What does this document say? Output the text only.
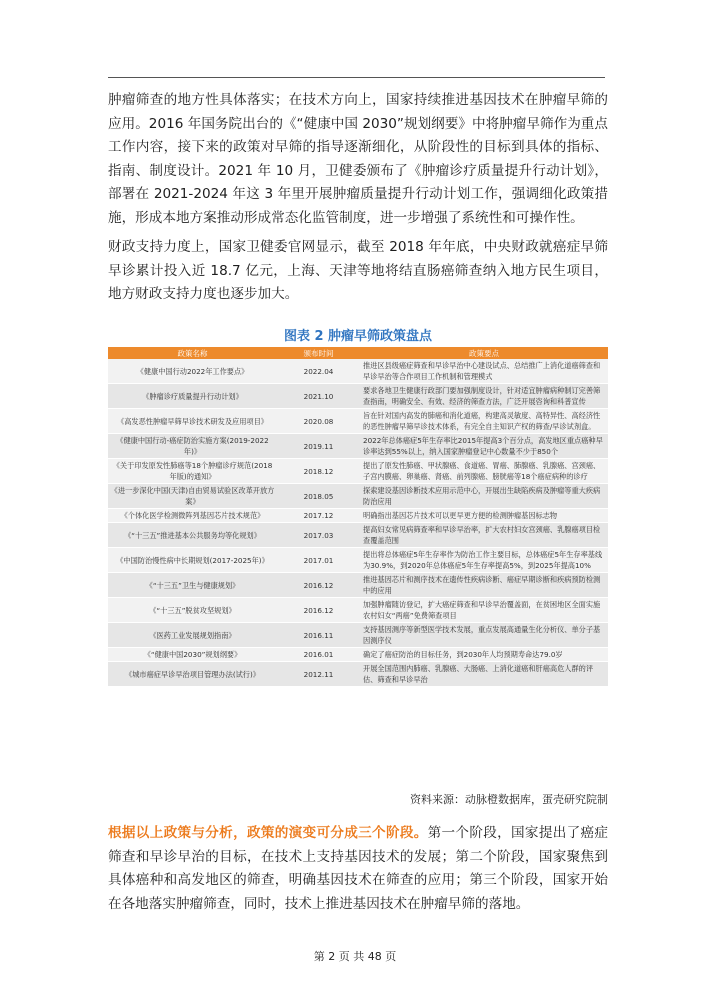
肿瘤筛查的地方性具体落实；在技术方向上，国家持续推进基因技术在肿瘤早筛的应用。2016 年国务院出台的《“健康中国 2030”规划纲要》中将肿瘤早筛作为重点工作内容，接下来的政策对早筛的指导逐渐细化，从阶段性的目标到具体的指标、指南、制度设计。2021 年 10 月，卫健委颁布了《肿瘤诊疗质量提升行动计划》，部署在 2021-2024 年这 3 年里开展肿瘤质量提升行动计划工作，强调细化政策措施，形成本地方案推动形成常态化监管制度，进一步增强了系统性和可操作性。
财政支持力度上，国家卫健委官网显示，截至 2018 年年底，中央财政就癌症早筛早诊累计投入近 18.7 亿元，上海、天津等地将结直肠癌筛查纳入地方民生项目，地方财政支持力度也逐步加大。
图表 2 肿瘤早筛政策盘点
政策名称	颁布时间	政策要点
《健康中国行动2022年工作要点》	2022.04	推进区县级癌症筛查和早诊早治中心建设试点、总结推广上消化道癌筛查和早诊早治等合作项目工作机制和管理模式
《肿瘤诊疗质量提升行动计划》	2021.10	要求各地卫生健康行政部门要加强制度设计，针对适宜肿瘤病种制订完善筛查指南，明确安全、有效、经济的筛查方法，广泛开展咨询和科普宣传
《高发恶性肿瘤早筛早诊技术研发及应用项目》	2020.08	旨在针对国内高发的肺癌和消化道癌，构建高灵敏度、高特异性、高经济性的恶性肿瘤早筛早诊技术体系，有完全自主知识产权的筛查/早诊试剂盒。
《健康中国行动-癌症防治实施方案(2019-2022年)》	2019.11	2022年总体癌症5年生存率比2015年提高3个百分点，高发地区重点癌种早诊率达到55%以上，纳入国家肿瘤登记中心数量不少于850个
《关于印发原发性肺癌等18个肿瘤诊疗规范(2018年版)的通知》	2018.12	提出了原发性肺癌、甲状腺癌、食道癌、胃癌、肺腺癌、乳腺癌、宫颈癌、子宫内膜癌、卵巢癌、肾癌、前列腺癌、膀胱癌等18个癌症病种的诊疗
《进一步深化中国(天津)自由贸易试验区改革开放方案》	2018.05	探索建设基因诊断技术应用示范中心，开展出生缺陷疾病及肿瘤等重大疾病防治应用
《个体化医学检测微阵列基因芯片技术规范》	2017.12	明确指出基因芯片技术可以更早更方便的检测肿瘤基因标志物
《“十三五”推进基本公共服务均等化规划》	2017.03	提高妇女常见病筛查率和早诊早治率，扩大农村妇女宫颈癌、乳腺癌项目检查覆盖范围
《中国防治慢性病中长期规划(2017-2025年)》	2017.01	提出将总体癌症5年生存率作为防治工作主要目标，总体癌症5年生存率基线为30.9%，到2020年总体癌症5年生存率提高5%，到2025年提高10%
《“十三五”卫生与健康规划》	2016.12	推进基因芯片和测序技术在遗传性疾病诊断、癌症早期诊断和疾病预防检测中的应用
《“十三五”脱贫攻坚规划》	2016.12	加强肿瘤随访登记，扩大癌症筛查和早诊早治覆盖面，在贫困地区全面实施农村妇女“两癌”免费筛查项目
《医药工业发展规划指南》	2016.11	支持基因测序等新型医学技术发展，重点发展高通量生化分析仪、单分子基因测序仪
《“健康中国2030”规划纲要》	2016.01	确定了癌症防治的目标任务，到2030年人均预期寿命达79.0岁
《城市癌症早诊早治项目管理办法(试行)》	2012.11	开展全国范围内肺癌、乳腺癌、大肠癌、上消化道癌和肝癌高危人群的评估、筛查和早诊早治
资料来源：动脉橙数据库，蛋壳研究院制
根据以上政策与分析，政策的演变可分成三个阶段。第一个阶段，国家提出了癌症筛查和早诊早治的目标，在技术上支持基因技术的发展；第二个阶段，国家聚焦到具体癌种和高发地区的筛查，明确基因技术在筛查的应用；第三个阶段，国家开始在各地落实肿瘤筛查，同时，技术上推进基因技术在肿瘤早筛的落地。
第 2 页 共 48 页
